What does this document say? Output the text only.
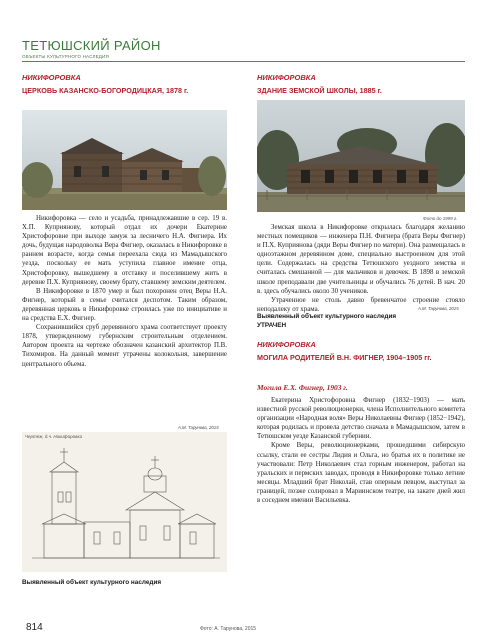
ТЕТЮШСКИЙ РАЙОН
ОБЪЕКТЫ КУЛЬТУРНОГО НАСЛЕДИЯ
НИКИФОРОВКА
ЦЕРКОВЬ КАЗАНСКО-БОГОРОДИЦКАЯ, 1878 г.

Никифоровка — село и усадьба, принадлежавшие в сер. 19 в. Х.П. Куприянову, который отдал их дочери Екатерине Христофоровне при выходе замуж за лесничего Н.А. Фигнера. Их дочь, будущая народоволка Вера Фигнер, оказалась в Никифоровке в раннем возрасте, когда семья переехала сюда из Мамадышского уезда, поскольку ее мать уступила главное имение отца, Христофоровку, вышедшему в отставку и поселившему жить в деревне П.Х. Куприянову, своему брату, ставшему земским деятелем.

В Никифоровке в 1870 умер и был похоронен отец Веры Н.А. Фигнер, который в семье считался деспотом. Таким образом, деревянная церковь в Никифоровке строилась уже по инициативе и на средства Е.Х. Фигнер.

Сохранившийся сруб деревянного храма соответствует проекту 1878, утвержденному губернским строительным отделением. Автором проекта на чертеже обозначен казанский архитектор П.В. Тихомиров. На данный момент утрачены колокольня, завершение центрального объема.

А.М. Тарунова, 2015
Чертеж, д.ч. Никифоровка
Выявленный объект культурного наследия
НИКИФОРОВКА
ЗДАНИЕ ЗЕМСКОЙ ШКОЛЫ, 1885 г.
Фото до 1999 г.

Земская школа в Никифоровке открылась благодаря желанию местных помещиков — инженера П.Н. Фигнера (брата Веры Фигнер) и П.Х. Куприянова (дяди Веры Фигнер по матери). Она размещалась в одноэтажном деревянном доме, специально выстроенном для этой цели. Содержалась на средства Тетюшского уездного земства и считалась смешанной — для мальчиков и девочек. В 1898 в земской школе преподавали две учительницы и обучались 76 детей. В нач. 20 в. здесь обучались около 30 учеников.

Утраченное не столь давно бревенчатое строение стояло неподалеку от храма.	А.М. Тарунова, 2015
Выявленный объект культурного наследия
УТРАЧЕН
НИКИФОРОВКА
МОГИЛА РОДИТЕЛЕЙ В.Н. ФИГНЕР, 1904–1905 гг.
Могила Е.Х. Фигнер, 1903 г.

Екатерина Христофоровна Фигнер (1832−1903) — мать известной русской революционерки, члена Исполнительного комитета организации «Народная воля» Веры Николаевны Фигнер (1852−1942), которая родилась и провела детство сначала в Мамадышском, затем в Тетюшском уезде Казанской губернии.

Кроме Веры, революционерками, прошедшими сибирскую ссылку, стали ее сестры Лидия и Ольга, но братья их в политике не участвовали: Петр Николаевич стал горным инженером, работал на уральских и пермских заводах, проводя в Никифоровке только летние месяцы. Младший брат Николай, став оперным певцом, выступал за границей, позже солировал в Мариинском театре, на закате дней жил в соседнем имении Васильевка.

814	Фото: А. Тарунова, 2015
